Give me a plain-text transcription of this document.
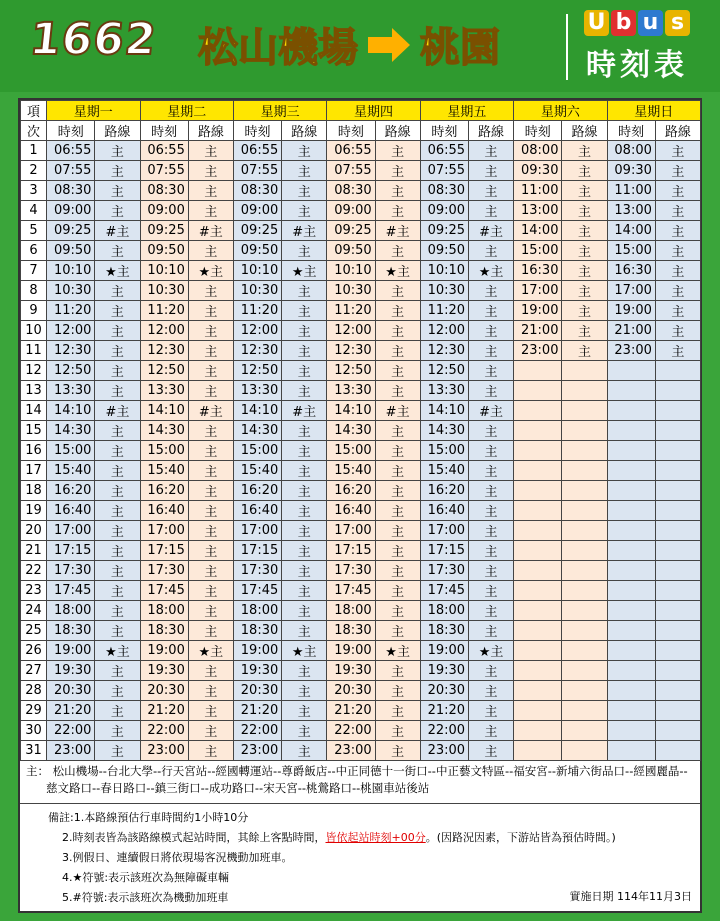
1662 松山機場 桃園
U b u s
時刻表
項	星期一		星期二		星期三		星期四		星期五		星期六		星期日	
次	時刻	路線	時刻	路線	時刻	路線	時刻	路線	時刻	路線	時刻	路線	時刻	路線
1	06:55	主	06:55	主	06:55	主	06:55	主	06:55	主	08:00	主	08:00	主
2	07:55	主	07:55	主	07:55	主	07:55	主	07:55	主	09:30	主	09:30	主
3	08:30	主	08:30	主	08:30	主	08:30	主	08:30	主	11:00	主	11:00	主
4	09:00	主	09:00	主	09:00	主	09:00	主	09:00	主	13:00	主	13:00	主
5	09:25	#主	09:25	#主	09:25	#主	09:25	#主	09:25	#主	14:00	主	14:00	主
6	09:50	主	09:50	主	09:50	主	09:50	主	09:50	主	15:00	主	15:00	主
7	10:10	★主	10:10	★主	10:10	★主	10:10	★主	10:10	★主	16:30	主	16:30	主
8	10:30	主	10:30	主	10:30	主	10:30	主	10:30	主	17:00	主	17:00	主
9	11:20	主	11:20	主	11:20	主	11:20	主	11:20	主	19:00	主	19:00	主
10	12:00	主	12:00	主	12:00	主	12:00	主	12:00	主	21:00	主	21:00	主
11	12:30	主	12:30	主	12:30	主	12:30	主	12:30	主	23:00	主	23:00	主
12	12:50	主	12:50	主	12:50	主	12:50	主	12:50	主				
13	13:30	主	13:30	主	13:30	主	13:30	主	13:30	主				
14	14:10	#主	14:10	#主	14:10	#主	14:10	#主	14:10	#主				
15	14:30	主	14:30	主	14:30	主	14:30	主	14:30	主				
16	15:00	主	15:00	主	15:00	主	15:00	主	15:00	主				
17	15:40	主	15:40	主	15:40	主	15:40	主	15:40	主				
18	16:20	主	16:20	主	16:20	主	16:20	主	16:20	主				
19	16:40	主	16:40	主	16:40	主	16:40	主	16:40	主				
20	17:00	主	17:00	主	17:00	主	17:00	主	17:00	主				
21	17:15	主	17:15	主	17:15	主	17:15	主	17:15	主				
22	17:30	主	17:30	主	17:30	主	17:30	主	17:30	主				
23	17:45	主	17:45	主	17:45	主	17:45	主	17:45	主				
24	18:00	主	18:00	主	18:00	主	18:00	主	18:00	主				
25	18:30	主	18:30	主	18:30	主	18:30	主	18:30	主				
26	19:00	★主	19:00	★主	19:00	★主	19:00	★主	19:00	★主				
27	19:30	主	19:30	主	19:30	主	19:30	主	19:30	主				
28	20:30	主	20:30	主	20:30	主	20:30	主	20:30	主				
29	21:20	主	21:20	主	21:20	主	21:20	主	21:20	主				
30	22:00	主	22:00	主	22:00	主	22:00	主	22:00	主				
31	23:00	主	23:00	主	23:00	主	23:00	主	23:00	主				
主： 松山機場--台北大學--行天宮站--經國轉運站--尊爵飯店--中正同德十一街口--中正藝文特區--福安宮--新埔六街品口--經國麗晶--
慈文路口--春日路口--鎮三街口--成功路口--宋天宮--桃鶯路口--桃園車站後站
備註:1.本路線預估行車時間約1小時10分
2.時刻表皆為該路線模式起站時間，其餘上客點時間，皆依起站時刻+00分。(因路況因素，下游站皆為預估時間。)
3.例假日、連續假日將依現場客況機動加班車。
4.★符號:表示該班次為無障礙車輛
5.#符號:表示該班次為機動加班車	實施日期 114年11月3日
